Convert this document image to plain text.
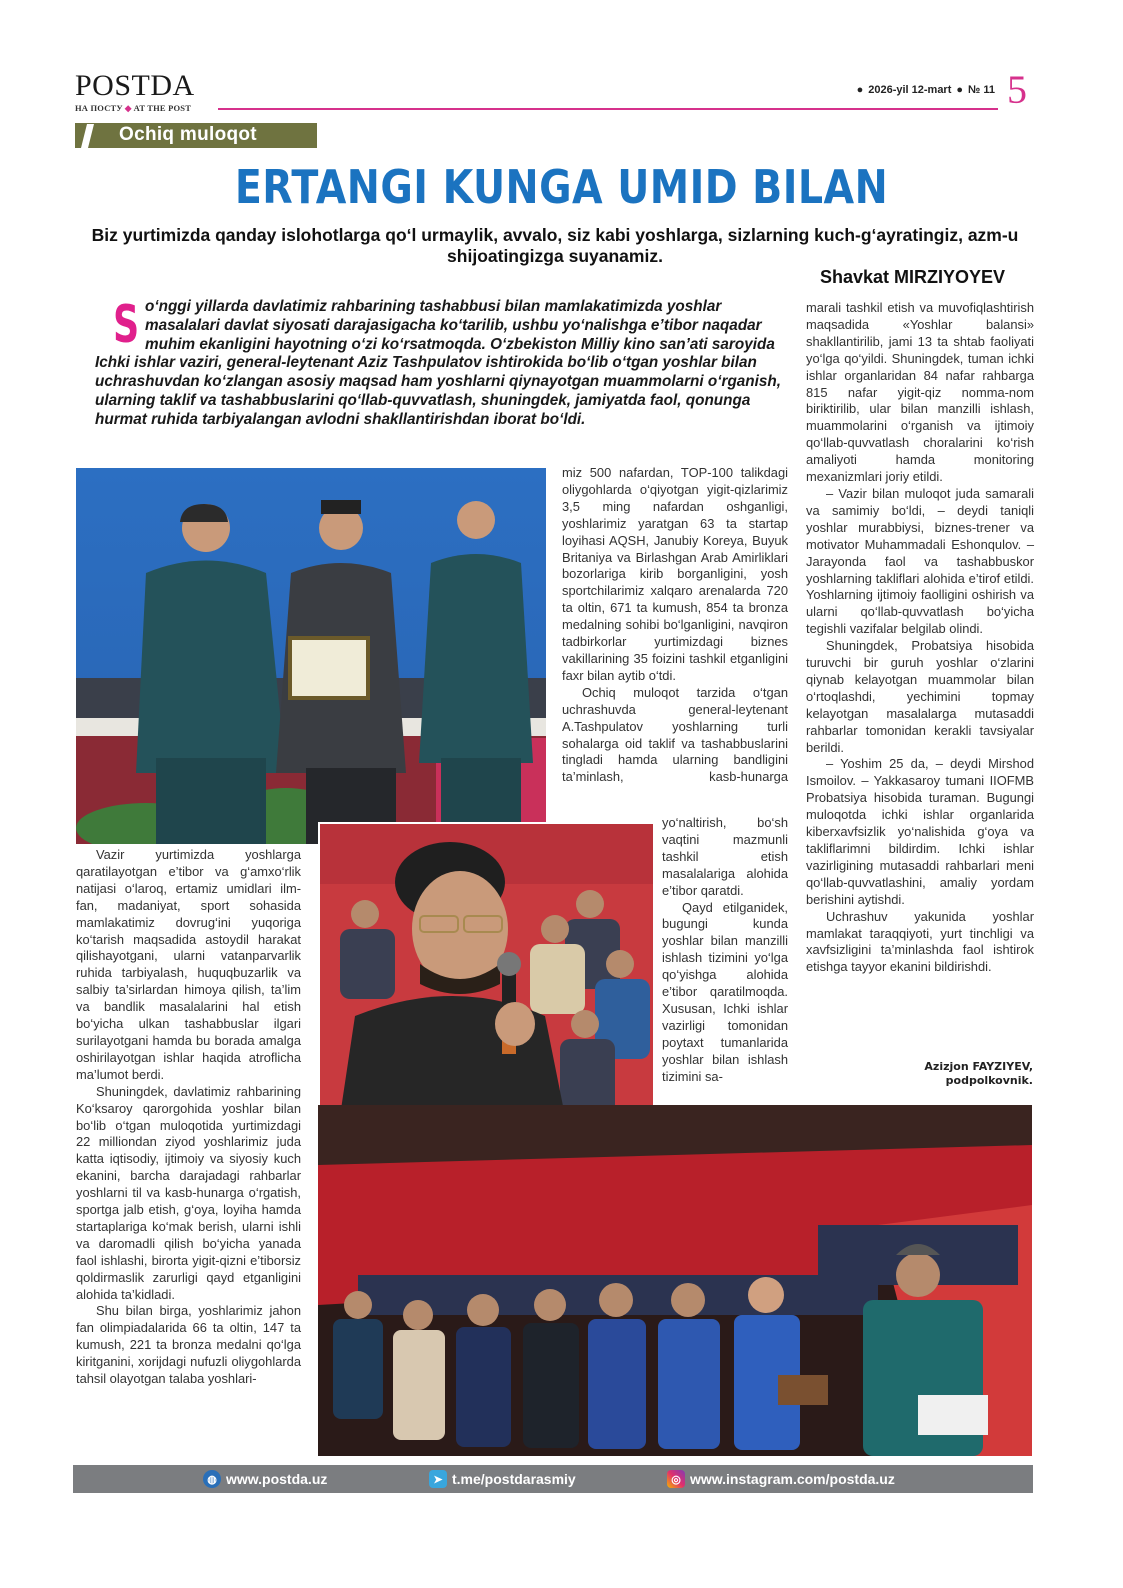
POSTDA
НА ПОСТУ ◆ AT THE POST
● 2026-yil 12-mart ● № 11 5
Ochiq muloqot
ERTANGI KUNGA UMID BILAN
Biz yurtimizda qanday islohotlarga qo‘l urmaylik, avvalo, siz kabi yoshlarga, sizlarning kuch-g‘ayratingiz, azm-u shijoatingizga suyanamiz.
Shavkat MIRZIYOYEV
So‘nggi yillarda davlatimiz rahbarining tashabbusi bilan mamlakatimizda yoshlar masalalari davlat siyosati darajasigacha ko‘tarilib, ushbu yo‘nalishga e’tibor naqadar muhim ekanligini hayotning o‘zi ko‘rsatmoqda. O‘zbekiston Milliy kino san’ati saroyida Ichki ishlar vaziri, general-leytenant Aziz Tashpulatov ishtirokida bo‘lib o‘tgan yoshlar bilan uchrashuvdan ko‘zlangan asosiy maqsad ham yoshlarni qiynayotgan muammolarni o‘rganish, ularning taklif va tashabbuslarini qo‘llab-quvvatlash, shuningdek, jamiyatda faol, qonunga hurmat ruhida tarbiyalangan avlodni shakllantirishdan iborat bo‘ldi.

Vazir yurtimizda yoshlarga qaratilayotgan e’tibor va g‘amxo‘rlik natijasi o‘laroq, ertamiz umidlari ilm-fan, madaniyat, sport sohasida mamlakatimiz dovrug‘ini yuqoriga ko‘tarish maqsadida astoydil harakat qilishayotgani, ularni vatanparvarlik ruhida tarbiyalash, huquqbuzarlik va salbiy ta’sirlardan himoya qilish, ta’lim va bandlik masalalarini hal etish bo‘yicha ulkan tashabbuslar ilgari surilayotgani hamda bu borada amalga oshirilayotgan ishlar haqida atroflicha ma’lumot berdi.

Shuningdek, davlatimiz rahbarining Ko‘ksaroy qarorgohida yoshlar bilan bo‘lib o‘tgan muloqotida yurtimizdagi 22 milliondan ziyod yoshlarimiz juda katta iqtisodiy, ijtimoiy va siyosiy kuch ekanini, barcha darajadagi rahbarlar yoshlarni til va kasb-hunarga o‘rgatish, sportga jalb etish, g‘oya, loyiha hamda startaplariga ko‘mak berish, ularni ishli va daromadli qilish bo‘yicha yanada faol ishlashi, birorta yigit-qizni e’tiborsiz qoldirmaslik zarurligi qayd etganligini alohida ta’kidladi.

Shu bilan birga, yoshlarimiz jahon fan olimpiadalarida 66 ta oltin, 147 ta kumush, 221 ta bronza medalni qo‘lga kiritganini, xorijdagi nufuzli oliygohlarda tahsil olayotgan talaba yoshlari-

miz 500 nafardan, TOP-100 talikdagi oliygohlarda o‘qiyotgan yigit-qizlarimiz 3,5 ming nafardan oshganligi, yoshlarimiz yaratgan 63 ta startap loyihasi AQSH, Janubiy Koreya, Buyuk Britaniya va Birlashgan Arab Amirliklari bozorlariga kirib borganligini, yosh sportchilarimiz xalqaro arenalarda 720 ta oltin, 671 ta kumush, 854 ta bronza medalning sohibi bo‘lganligini, navqiron tadbirkorlar yurtimizdagi biznes vakillarining 35 foizini tashkil etganligini faxr bilan aytib o‘tdi.

Ochiq muloqot tarzida o‘tgan uchrashuvda general-leytenant A.Tashpulatov yoshlarning turli sohalarga oid taklif va tashabbuslarini tingladi hamda ularning bandligini ta’minlash, kasb-hunarga

yo‘naltirish, bo‘sh vaqtini mazmunli tashkil etish masalalariga alohida e’tibor qaratdi.

Qayd etilganidek, bugungi kunda yoshlar bilan manzilli ishlash tizimini yo‘lga qo‘yishga alohida e’tibor qaratilmoqda. Xususan, Ichki ishlar vazirligi tomonidan poytaxt tumanlarida yoshlar bilan ishlash tizimini sa-

marali tashkil etish va muvofiqlashtirish maqsadida «Yoshlar balansi» shakllantirilib, jami 13 ta shtab faoliyati yo‘lga qo‘yildi. Shuningdek, tuman ichki ishlar organlaridan 84 nafar rahbarga 815 nafar yigit-qiz nomma-nom biriktirilib, ular bilan manzilli ishlash, muammolarini o‘rganish va ijtimoiy qo‘llab-quvvatlash choralarini ko‘rish amaliyoti hamda monitoring mexanizmlari joriy etildi.

– Vazir bilan muloqot juda samarali va samimiy bo‘ldi, – deydi taniqli yoshlar murabbiysi, biznes-trener va motivator Muhammadali Eshonqulov. – Jarayonda faol va tashabbuskor yoshlarning takliflari alohida e’tirof etildi. Yoshlarning ijtimoiy faolligini oshirish va ularni qo‘llab-quvvatlash bo‘yicha tegishli vazifalar belgilab olindi.

Shuningdek, Probatsiya hisobida turuvchi bir guruh yoshlar o‘zlarini qiynab kelayotgan muammolar bilan o‘rtoqlashdi, yechimini topmay kelayotgan masalalarga mutasaddi rahbarlar tomonidan kerakli tavsiyalar berildi.

– Yoshim 25 da, – deydi Mirshod Ismoilov. – Yakkasaroy tumani IIOFMB Probatsiya hisobida turaman. Bugungi muloqotda ichki ishlar organlarida kiberxavfsizlik yo‘nalishida g‘oya va takliflarimni bildirdim. Ichki ishlar vazirligining mutasaddi rahbarlari meni qo‘llab-quvvatlashini, amaliy yordam berishini aytishdi.

Uchrashuv yakunida yoshlar mamlakat taraqqiyoti, yurt tinchligi va xavfsizligini ta’minlashda faol ishtirok etishga tayyor ekanini bildirishdi.

Azizjon FAYZIYEV,
podpolkovnik.
◍ www.postda.uz	➤ t.me/postdarasmiy	◎ www.instagram.com/postda.uz
